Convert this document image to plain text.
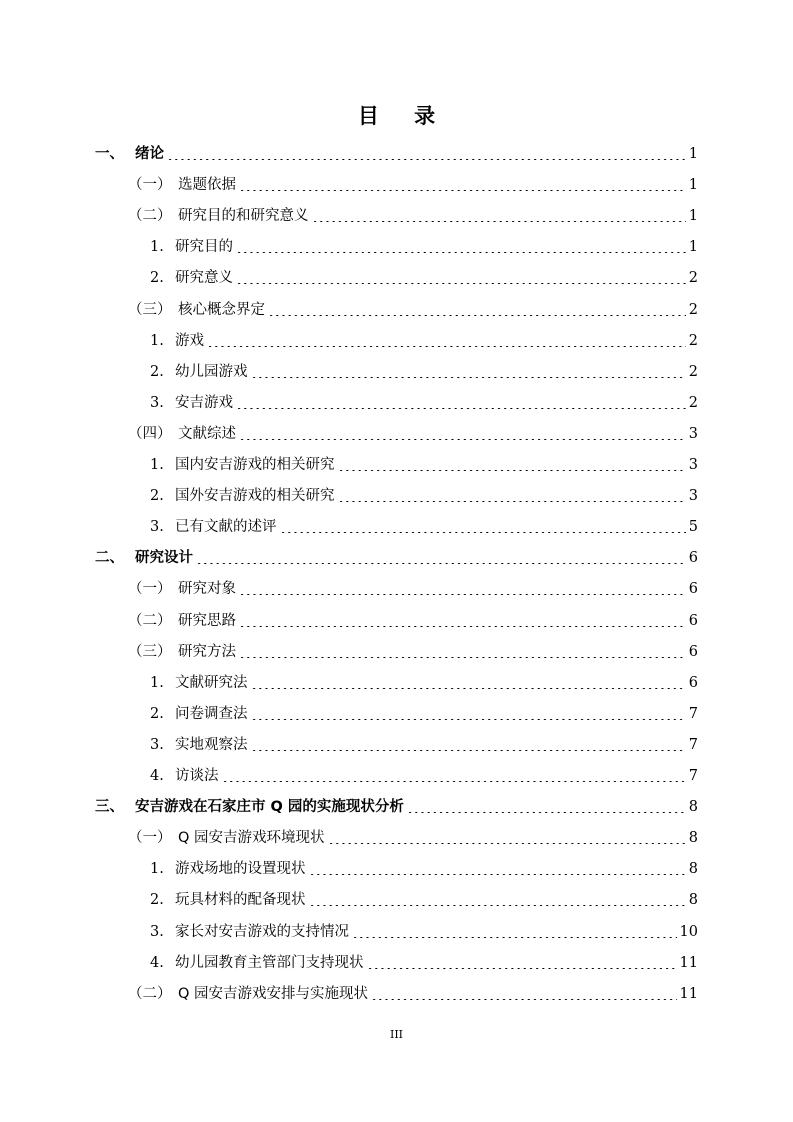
目 录
一、 绪论	1
（一） 选题依据	1
（二） 研究目的和研究意义	1
1. 研究目的	1
2. 研究意义	2
（三） 核心概念界定	2
1. 游戏	2
2. 幼儿园游戏	2
3. 安吉游戏	2
（四） 文献综述	3
1. 国内安吉游戏的相关研究	3
2. 国外安吉游戏的相关研究	3
3. 已有文献的述评	5
二、 研究设计	6
（一） 研究对象	6
（二） 研究思路	6
（三） 研究方法	6
1. 文献研究法	6
2. 问卷调查法	7
3. 实地观察法	7
4. 访谈法	7
三、 安吉游戏在石家庄市 Q 园的实施现状分析	8
（一） Q 园安吉游戏环境现状	8
1. 游戏场地的设置现状	8
2. 玩具材料的配备现状	8
3. 家长对安吉游戏的支持情况	10
4. 幼儿园教育主管部门支持现状	11
（二） Q 园安吉游戏安排与实施现状	11
III
